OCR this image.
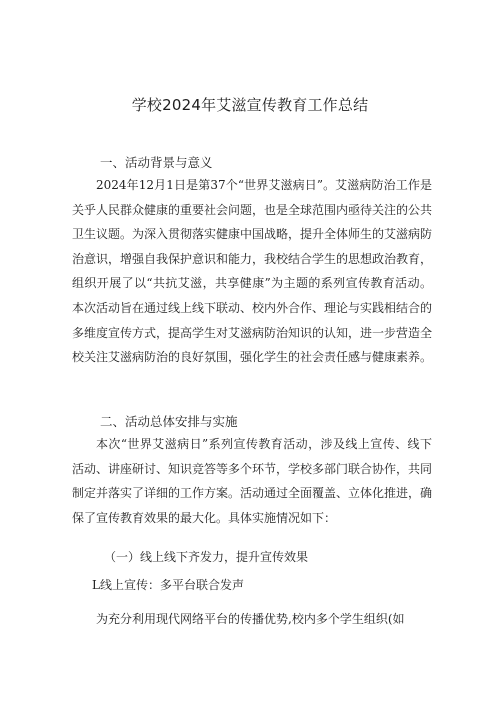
学校2024年艾滋宣传教育工作总结
一、活动背景与意义
2024年12月1日是第37个“世界艾滋病日”。艾滋病防治工作是关乎人民群众健康的重要社会问题，也是全球范围内亟待关注的公共卫生议题。为深入贯彻落实健康中国战略，提升全体师生的艾滋病防治意识，增强自我保护意识和能力，我校结合学生的思想政治教育，组织开展了以“共抗艾滋，共享健康”为主题的系列宣传教育活动。本次活动旨在通过线上线下联动、校内外合作、理论与实践相结合的多维度宣传方式，提高学生对艾滋病防治知识的认知，进一步营造全校关注艾滋病防治的良好氛围，强化学生的社会责任感与健康素养。
二、活动总体安排与实施
本次“世界艾滋病日”系列宣传教育活动，涉及线上宣传、线下活动、讲座研讨、知识竞答等多个环节，学校多部门联合协作，共同制定并落实了详细的工作方案。活动通过全面覆盖、立体化推进，确保了宣传教育效果的最大化。具体实施情况如下：
（一）线上线下齐发力，提升宣传效果
L线上宣传：多平台联合发声
为充分利用现代网络平台的传播优势,校内多个学生组织(如
